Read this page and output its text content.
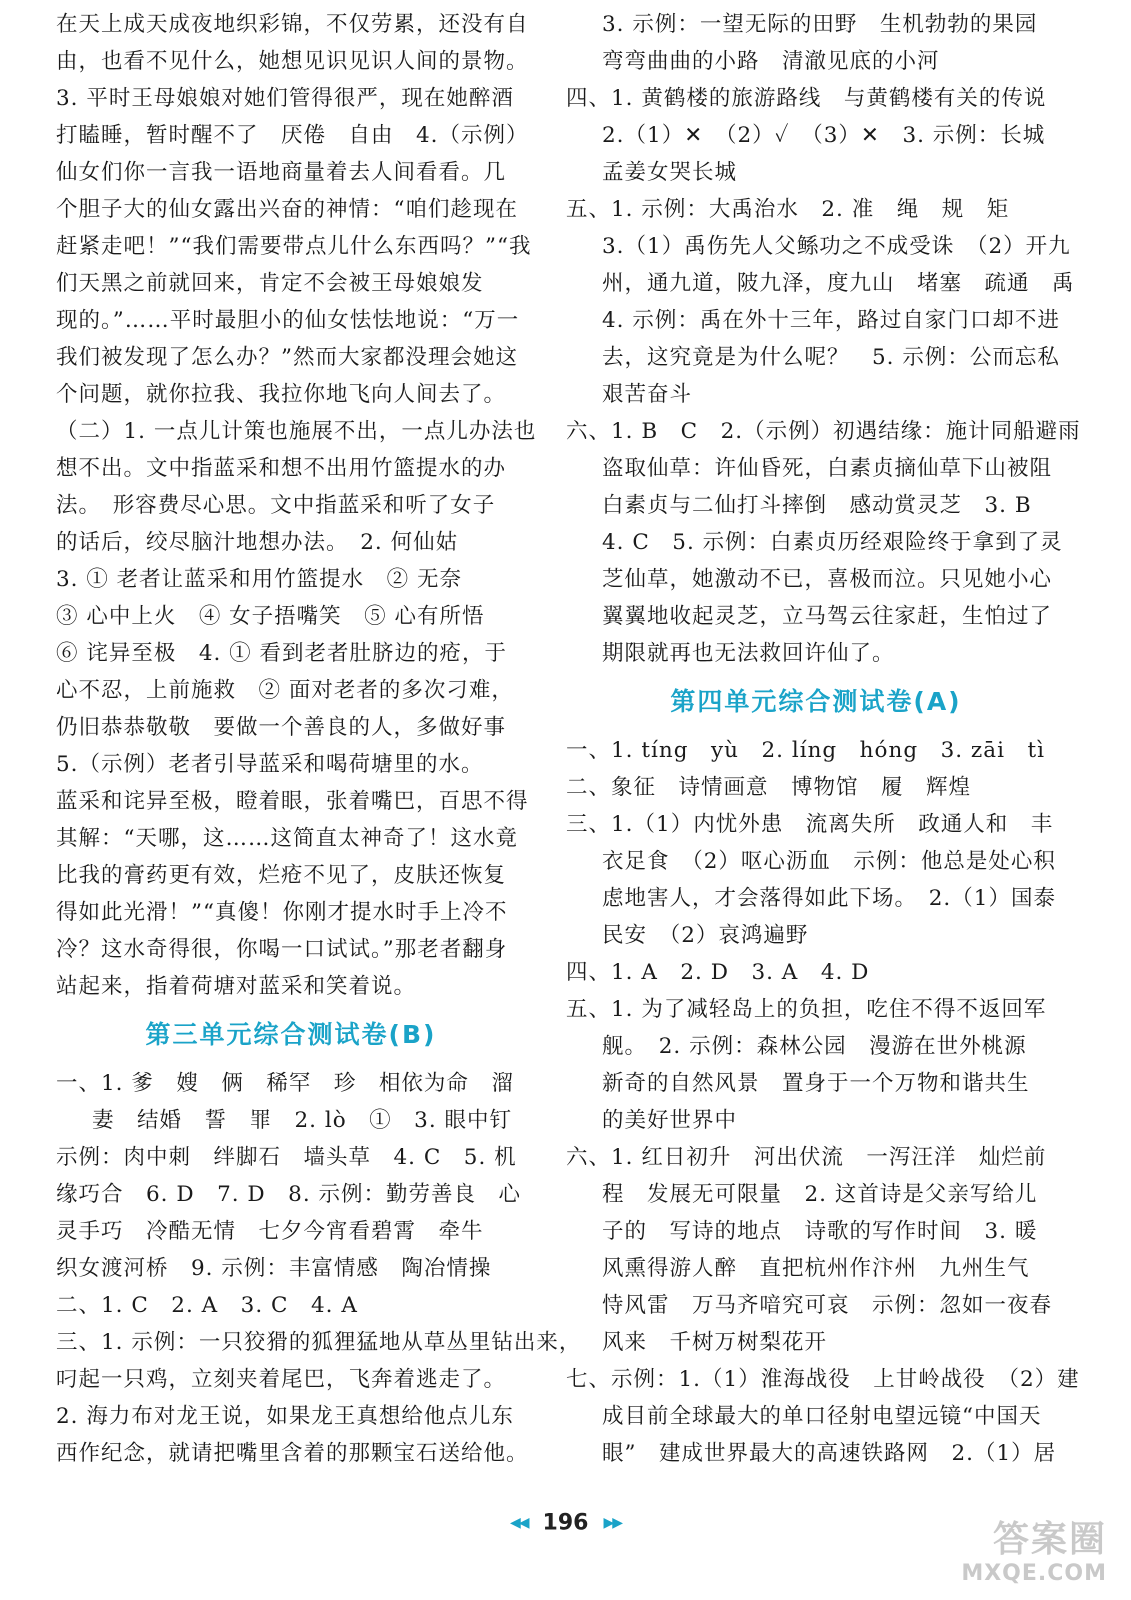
在天上成天成夜地织彩锦，不仅劳累，还没有自
由，也看不见什么，她想见识见识人间的景物。
3. 平时王母娘娘对她们管得很严，现在她醉酒
打瞌睡，暂时醒不了　厌倦　自由　4.（示例）
仙女们你一言我一语地商量着去人间看看。几
个胆子大的仙女露出兴奋的神情：“咱们趁现在
赶紧走吧！”“我们需要带点儿什么东西吗？”“我
们天黑之前就回来，肯定不会被王母娘娘发
现的。”……平时最胆小的仙女怯怯地说：“万一
我们被发现了怎么办？”然而大家都没理会她这
个问题，就你拉我、我拉你地飞向人间去了。
（二）1. 一点儿计策也施展不出，一点儿办法也
想不出。文中指蓝采和想不出用竹篮提水的办
法。　形容费尽心思。文中指蓝采和听了女子
的话后，绞尽脑汁地想办法。　2. 何仙姑
3. ① 老者让蓝采和用竹篮提水　② 无奈
③ 心中上火　④ 女子捂嘴笑　⑤ 心有所悟
⑥ 诧异至极　4. ① 看到老者肚脐边的疮，于
心不忍，上前施救　② 面对老者的多次刁难，
仍旧恭恭敬敬　要做一个善良的人，多做好事
5.（示例）老者引导蓝采和喝荷塘里的水。
蓝采和诧异至极，瞪着眼，张着嘴巴，百思不得
其解：“天哪，这……这简直太神奇了！这水竟
比我的膏药更有效，烂疮不见了，皮肤还恢复
得如此光滑！”“真傻！你刚才提水时手上冷不
冷？这水奇得很，你喝一口试试。”那老者翻身
站起来，指着荷塘对蓝采和笑着说。
第三单元综合测试卷(B)
一、1. 爹　嫂　俩　稀罕　珍　相依为命　溜
妻　结婚　誓　罪　2. lò　①　3. 眼中钉
示例：肉中刺　绊脚石　墙头草　4. C　5. 机
缘巧合　6. D　7. D　8. 示例：勤劳善良　心
灵手巧　冷酷无情　七夕今宵看碧霄　牵牛
织女渡河桥　9. 示例：丰富情感　陶冶情操
二、1. C　2. A　3. C　4. A
三、1. 示例：一只狡猾的狐狸猛地从草丛里钻出来，
叼起一只鸡，立刻夹着尾巴，飞奔着逃走了。
2. 海力布对龙王说，如果龙王真想给他点儿东
西作纪念，就请把嘴里含着的那颗宝石送给他。
3. 示例：一望无际的田野　生机勃勃的果园
弯弯曲曲的小路　清澈见底的小河
四、1. 黄鹤楼的旅游路线　与黄鹤楼有关的传说
2.（1）✕　（2）✓　（3）✕　3. 示例：长城
孟姜女哭长城
五、1. 示例：大禹治水　2. 准　绳　规　矩
3.（1）禹伤先人父鲧功之不成受诛　（2）开九
州，通九道，陂九泽，度九山　堵塞　疏通　禹
4. 示例：禹在外十三年，路过自家门口却不进
去，这究竟是为什么呢？　5. 示例：公而忘私
艰苦奋斗
六、1. B　C　2.（示例）初遇结缘：施计同船避雨
盗取仙草：许仙昏死，白素贞摘仙草下山被阻
白素贞与二仙打斗摔倒　感动赏灵芝　3. B
4. C　5. 示例：白素贞历经艰险终于拿到了灵
芝仙草，她激动不已，喜极而泣。只见她小心
翼翼地收起灵芝，立马驾云往家赶，生怕过了
期限就再也无法救回许仙了。
第四单元综合测试卷(A)
一、1. tíng　yù　2. líng　hóng　3. zāi　tì
二、象征　诗情画意　博物馆　履　辉煌
三、1.（1）内忧外患　流离失所　政通人和　丰
衣足食　（2）呕心沥血　示例：他总是处心积
虑地害人，才会落得如此下场。　2.（1）国泰
民安　（2）哀鸿遍野
四、1. A　2. D　3. A　4. D
五、1. 为了减轻岛上的负担，吃住不得不返回军
舰。　2. 示例：森林公园　漫游在世外桃源
新奇的自然风景　置身于一个万物和谐共生
的美好世界中
六、1. 红日初升　河出伏流　一泻汪洋　灿烂前
程　发展无可限量　2. 这首诗是父亲写给儿
子的　写诗的地点　诗歌的写作时间　3. 暖
风熏得游人醉　直把杭州作汴州　九州生气
恃风雷　万马齐喑究可哀　示例：忽如一夜春
风来　千树万树梨花开
七、示例：1.（1）淮海战役　上甘岭战役　（2）建
成目前全球最大的单口径射电望远镜“中国天
眼”　建成世界最大的高速铁路网　2.（1）居
◀◀ 196 ▶▶	答案圈
MXQE.COM
